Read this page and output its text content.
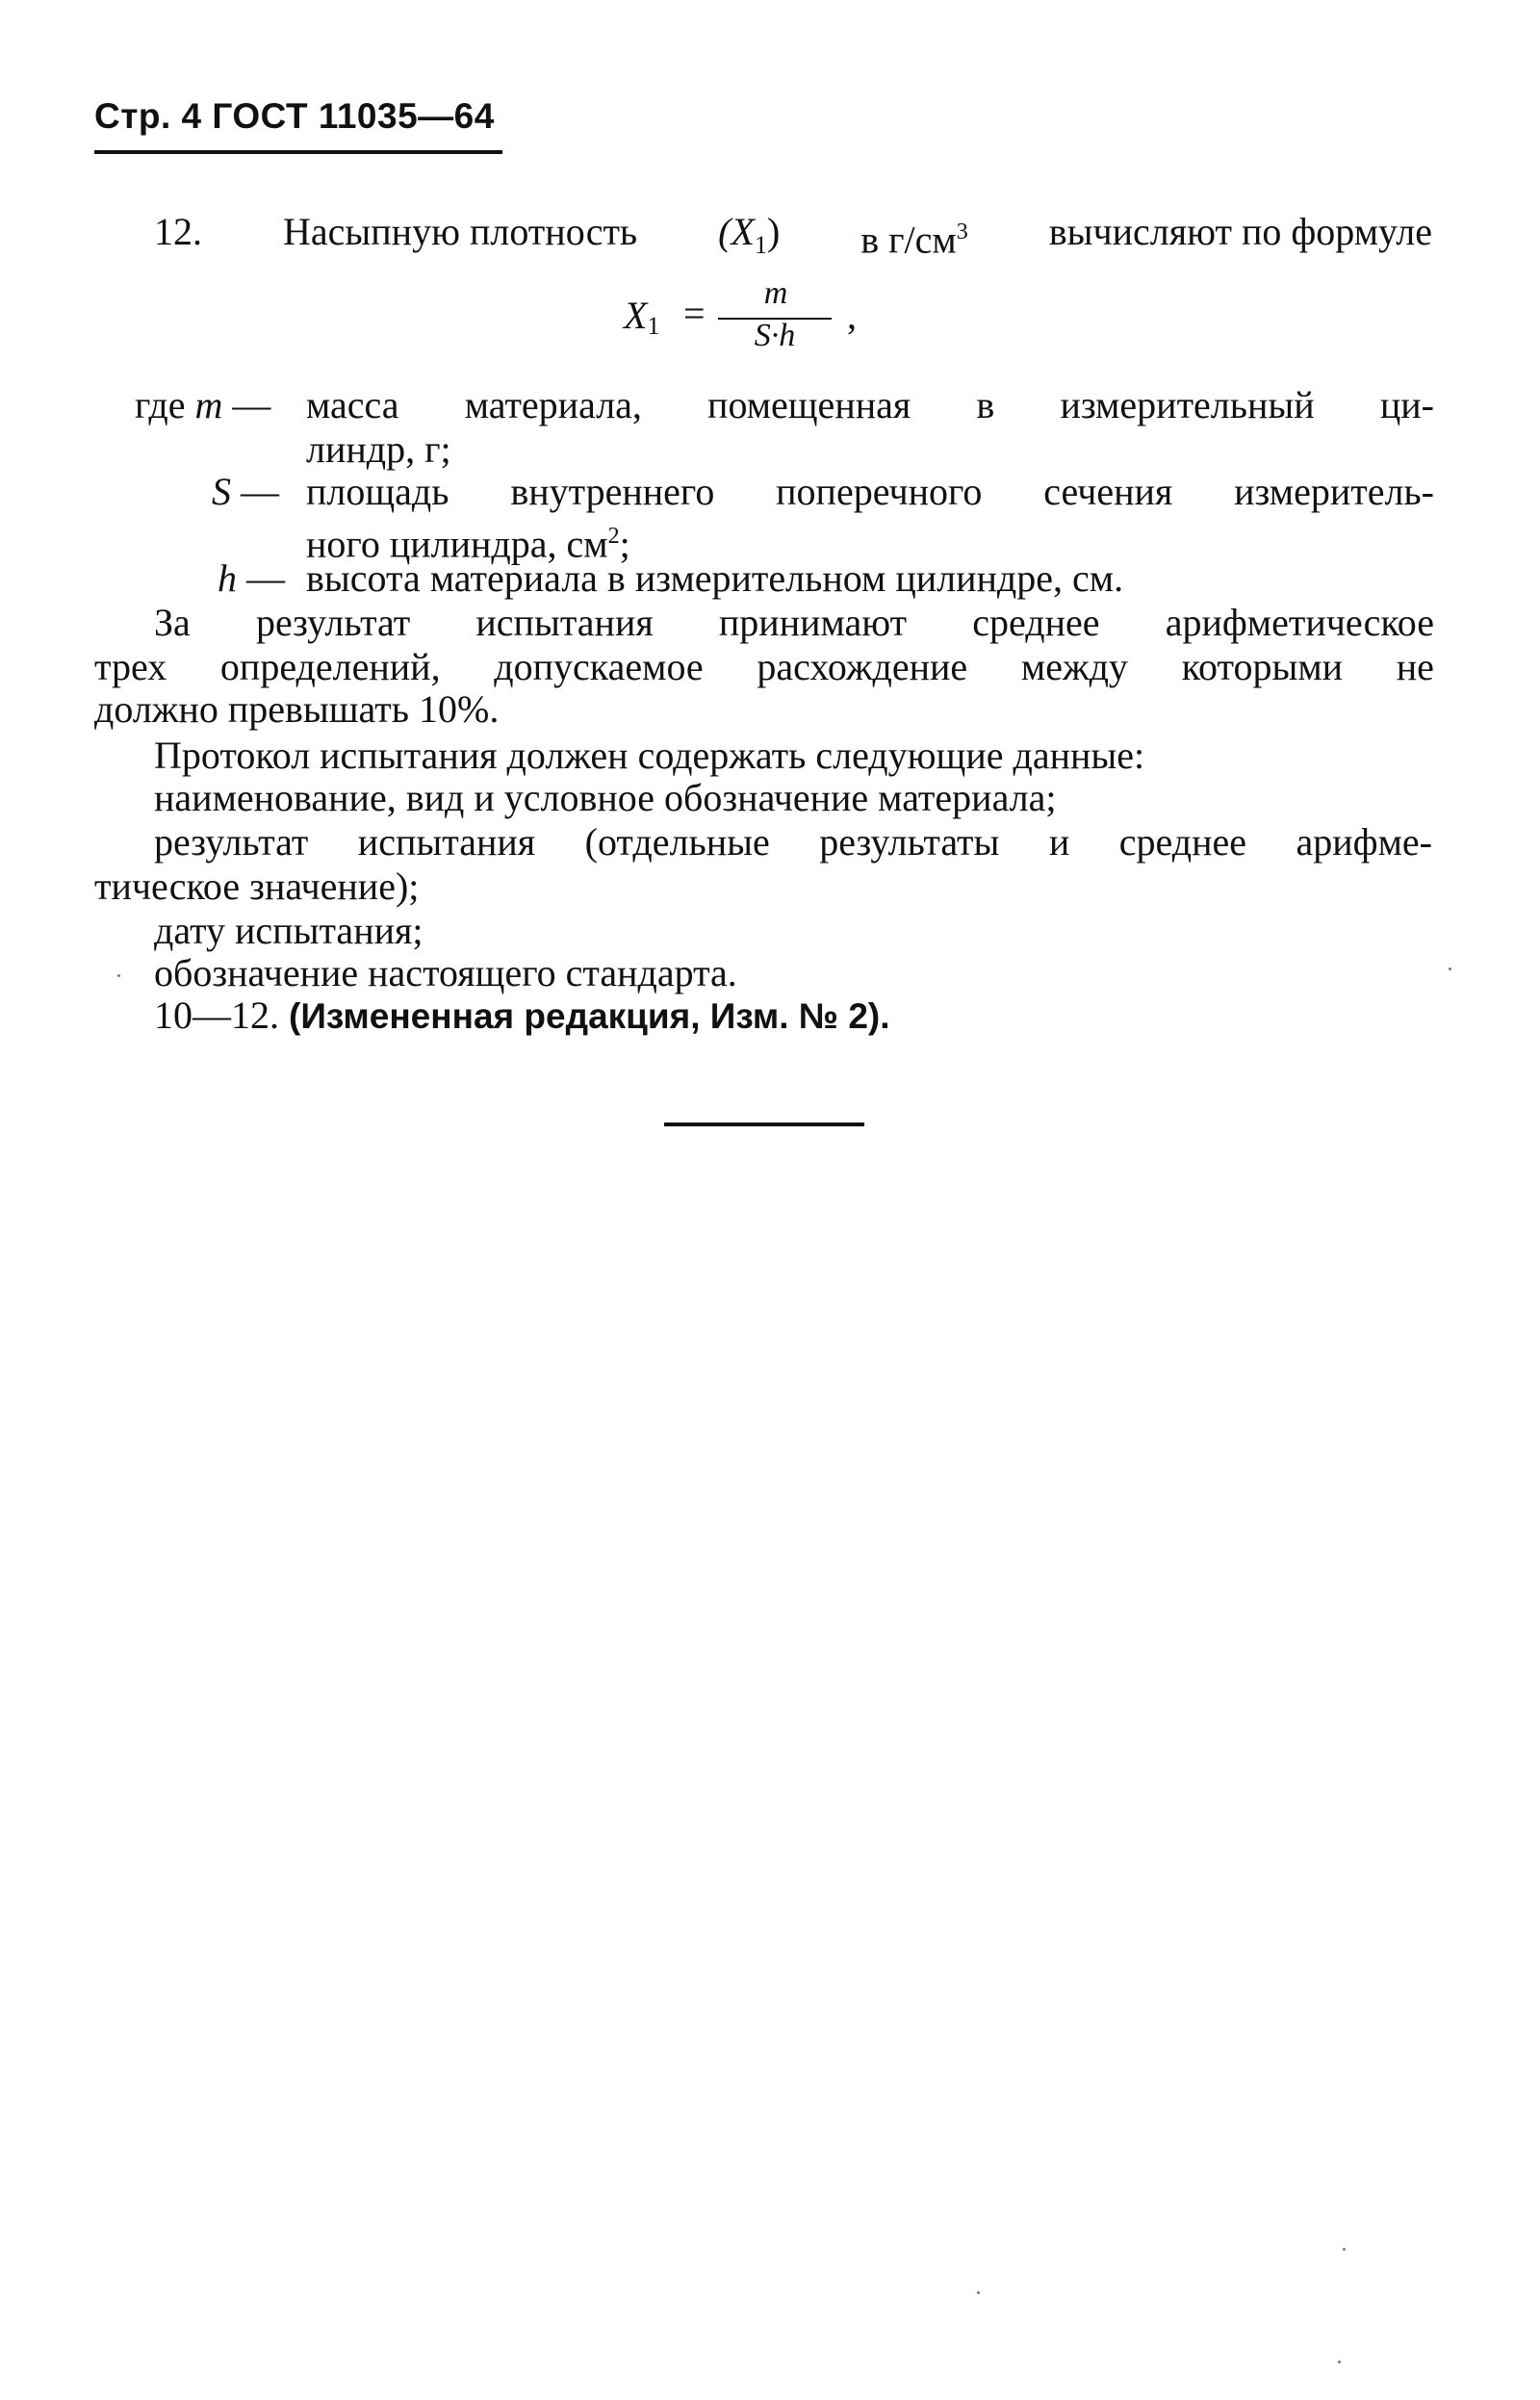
Стр. 4 ГОСТ 11035—64
12. Насыпную плотность $(X_1)$ в $г/см^3$ вычисляют по формуле
$X_1$ =	m
S·h	,
где m — масса материала, помещенная в измерительный ци-
линдр, г;
S — площадь внутреннего поперечного сечения измеритель-
ного цилиндра, $см^2$;
h — высота материала в измерительном цилиндре, см.
За результат испытания принимают среднее арифметическое
трех определений, допускаемое расхождение между которыми не
должно превышать 10%.
Протокол испытания должен содержать следующие данные:
наименование, вид и условное обозначение материала;
результат испытания (отдельные результаты и среднее арифме-
тическое значение);
дату испытания;
обозначение настоящего стандарта.
10—12. (Измененная редакция, Изм. № 2).
